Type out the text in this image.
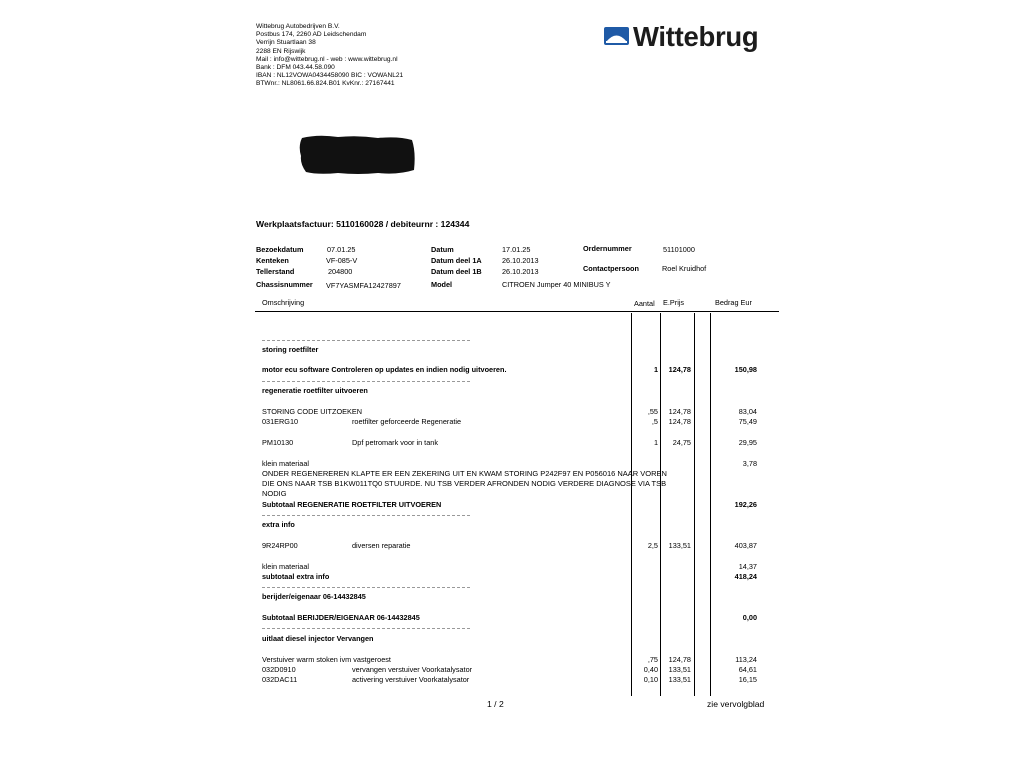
Wittebrug Autobedrijven B.V.
Postbus 174, 2260 AD Leidschendam
Verrijn Stuartlaan 38
2288 EN Rijswijk
Mail : info@wittebrug.nl - web : www.wittebrug.nl
Bank : DFM 043.44.58.090
IBAN : NL12VOWA0434458090 BIC : VOWANL21
BTWnr.: NL8061.66.824.B01 KvKnr.: 27167441
Wittebrug
Werkplaatsfactuur: 5110160028 / debiteurnr : 124344
Bezoekdatum	07.01.25
Kenteken	VF-085-V
Tellerstand	204800
Chassisnummer VF7YASMFA12427897
Datum	17.01.25
Datum deel 1A	26.10.2013
Datum deel 1B	26.10.2013
Model	CITROEN Jumper 40 MINIBUS Y
Ordernummer	51101000
Contactpersoon	Roel Kruidhof
Omschrijving	Aantal E.Prijs	Bedrag Eur
storing roetfilter
motor ecu software Controleren op updates en indien nodig uitvoeren.	1	124,78	150,98
regeneratie roetfilter uitvoeren
STORING CODE UITZOEKEN	,55	124,78	83,04
031ERG10	roetfilter geforceerde Regeneratie	,5	124,78	75,49
PM10130	Dpf petromark voor in tank	1	24,75	29,95
klein materiaal	3,78
ONDER REGENEREREN KLAPTE ER EEN ZEKERING UIT EN KWAM STORING P242F97 EN P056016 NAAR VOREN
DIE ONS NAAR TSB B1KW011TQ0 STUURDE. NU TSB VERDER AFRONDEN NODIG VERDERE DIAGNOSE VIA TSB
NODIG
Subtotaal REGENERATIE ROETFILTER UITVOEREN	192,26
extra info
9R24RP00	diversen reparatie	2,5	133,51	403,87
klein materiaal	14,37
subtotaal extra info	418,24
berijder/eigenaar 06-14432845
Subtotaal BERIJDER/EIGENAAR 06-14432845	0,00
uitlaat diesel injector Vervangen
Verstuiver warm stoken ivm vastgeroest	,75	124,78	113,24
032D0910	vervangen verstuiver Voorkatalysator	0,40	133,51	64,61
032DAC11	activering verstuiver Voorkatalysator	0,10	133,51	16,15
1 / 2	zie vervolgblad
